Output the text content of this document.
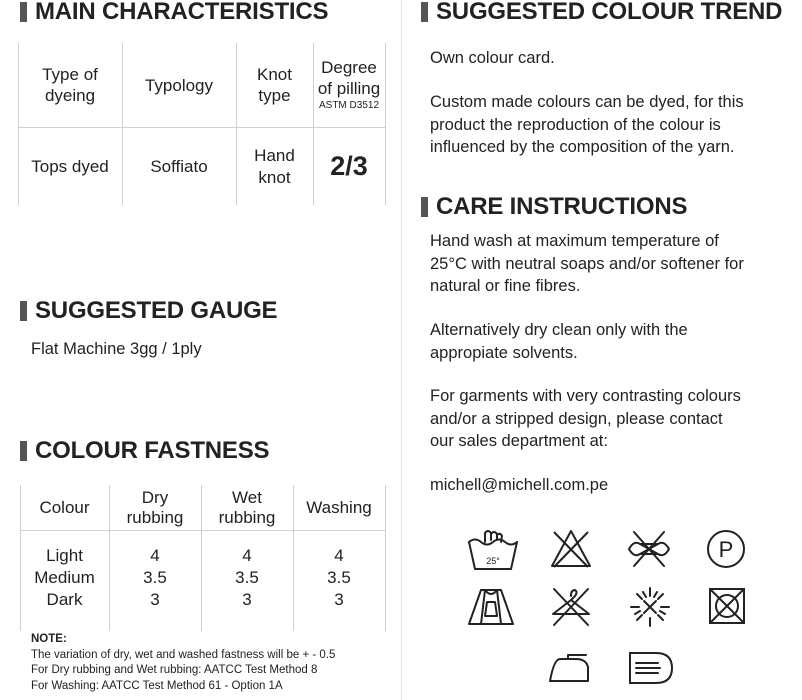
MAIN CHARACTERISTICS
Type of
dyeing
Typology
Knot
type
Degree
of pilling
ASTM D3512
Tops dyed Soffiato
Hand
knot 2/3
SUGGESTED GAUGE

Flat Machine 3gg / 1ply

COLOUR FASTNESS
Colour
Dry
rubbing
Wet
rubbing
Washing
Light
Medium
Dark
4
3.5
3
4
3.5
3
4
3.5
3
NOTE:
The variation of dry, wet and washed fastness will be + - 0.5
For Dry rubbing and Wet rubbing: AATCC Test Method 8
For Washing: AATCC Test Method 61 - Option 1A
SUGGESTED COLOUR TREND

Own colour card.

Custom made colours can be dyed, for this
product the reproduction of the colour is
influenced by the composition of the yarn.
CARE INSTRUCTIONS
Hand wash at maximum temperature of
25°C with neutral soaps and/or softener for
natural or fine fibres.
Alternatively dry clean only with the
appropiate solvents.
For garments with very contrasting colours
and/or a stripped design, please contact
our sales department at:

michell@michell.com.pe

25°	P
